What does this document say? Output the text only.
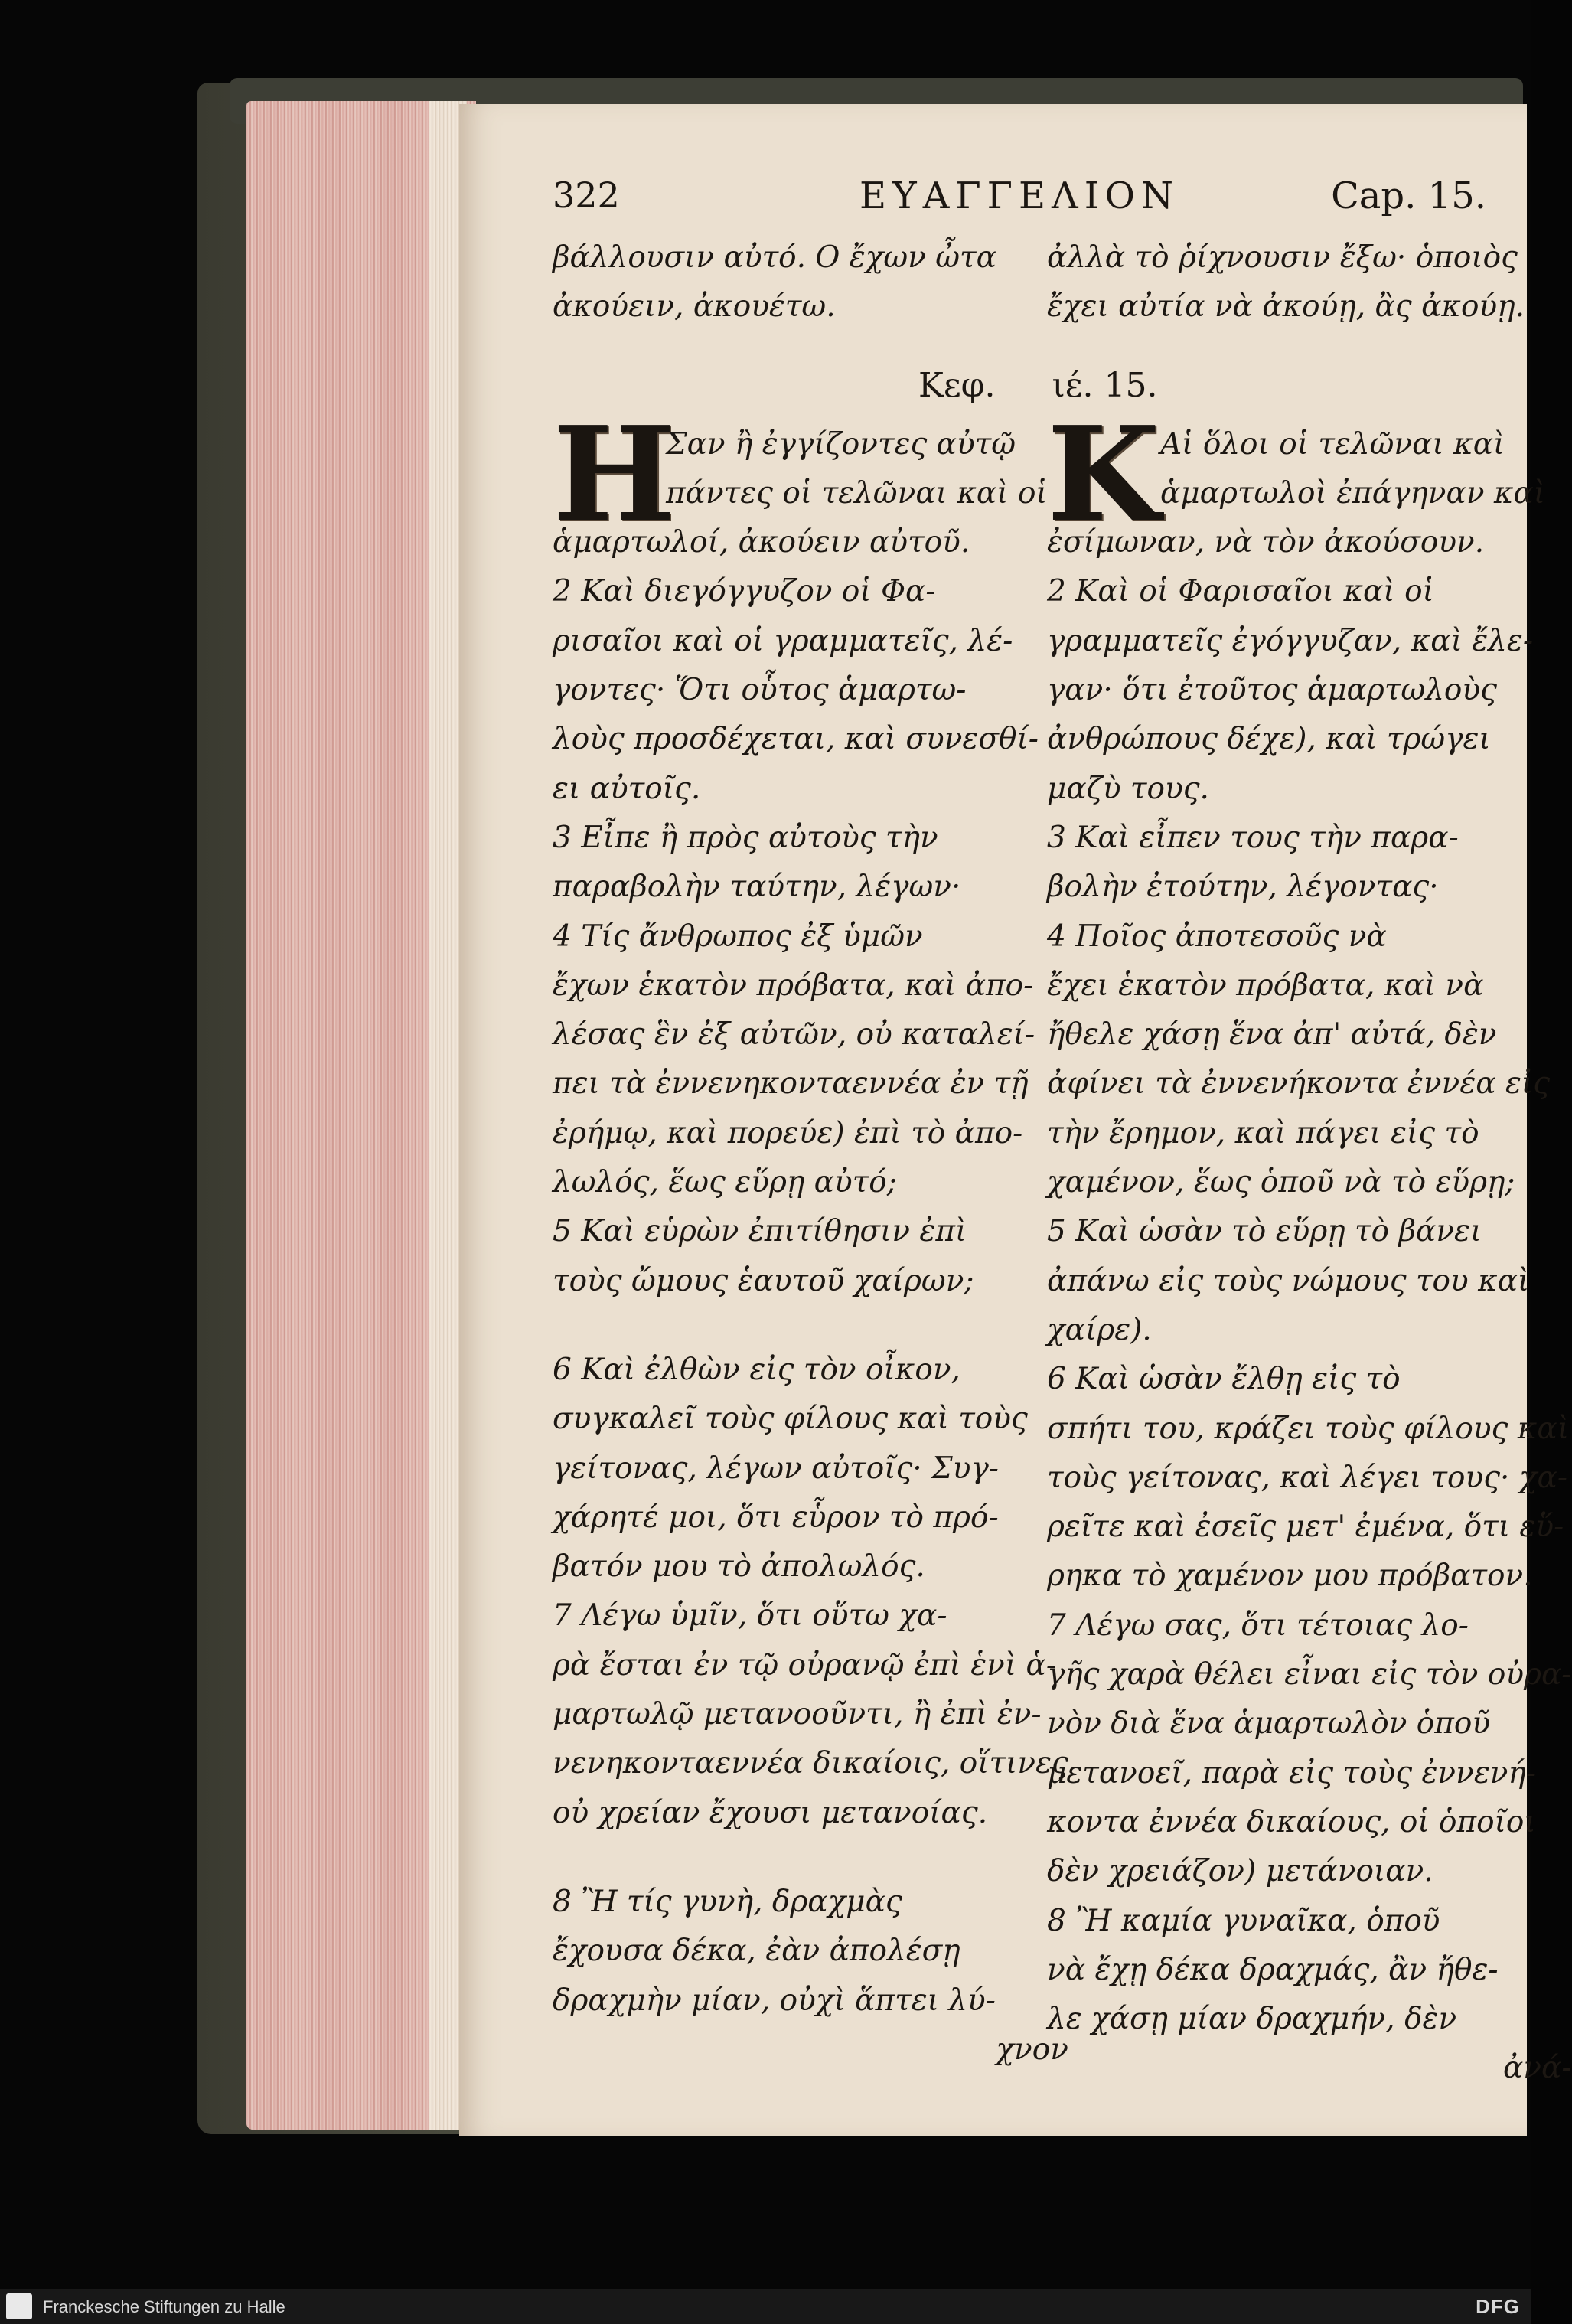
322	ΕΥΑΓΓΕΛΙΟΝ	Cap. 15.
Κεφ. ιέ. 15.
Η	Κ

βάλλουσιν αὐτό. Ο ἔχων ὦτα

ἀκούειν, ἀκουέτω.

Σαν ἢ ἐγγίζοντες αὐτῷ

πάντες οἱ τελῶναι καὶ οἱ

ἁμαρτωλοί, ἀκούειν αὐτοῦ.

2 Καὶ διεγόγγυζον οἱ Φα-

ρισαῖοι καὶ οἱ γραμματεῖς, λέ-

γοντες· Ὅτι οὗτος ἁμαρτω-

λοὺς προσδέχεται, καὶ συνεσθί-

ει αὐτοῖς.

3 Εἶπε ἢ πρὸς αὐτοὺς τὴν

παραβολὴν ταύτην, λέγων·

4 Τίς ἄνθρωπος ἐξ ὑμῶν

ἔχων ἑκατὸν πρόβατα, καὶ ἀπο-

λέσας ἓν ἐξ αὐτῶν, οὐ καταλεί-

πει τὰ ἐννενηκονταεννέα ἐν τῇ

ἐρήμῳ, καὶ πορεύε) ἐπὶ τὸ ἀπο-

λωλός, ἕως εὕρῃ αὐτό;

5 Καὶ εὑρὼν ἐπιτίθησιν ἐπὶ

τοὺς ὤμους ἑαυτοῦ χαίρων;

6 Καὶ ἐλθὼν εἰς τὸν οἶκον,

συγκαλεῖ τοὺς φίλους καὶ τοὺς

γείτονας, λέγων αὐτοῖς· Συγ-

χάρητέ μοι, ὅτι εὗρον τὸ πρό-

βατόν μου τὸ ἀπολωλός.

7 Λέγω ὑμῖν, ὅτι οὕτω χα-

ρὰ ἔσται ἐν τῷ οὐρανῷ ἐπὶ ἑνὶ ἁ-

μαρτωλῷ μετανοοῦντι, ἢ ἐπὶ ἐν-

νενηκονταεννέα δικαίοις, οἵτινες

οὐ χρείαν ἔχουσι μετανοίας.

8 Ἢ τίς γυνὴ, δραχμὰς

ἔχουσα δέκα, ἐὰν ἀπολέσῃ

δραχμὴν μίαν, οὐχὶ ἅπτει λύ-

χνον

ἀλλὰ τὸ ῥίχνουσιν ἔξω· ὁποιὸς

ἔχει αὐτία νὰ ἀκούῃ, ἂς ἀκούῃ.

Αἱ ὅλοι οἱ τελῶναι καὶ

ἁμαρτωλοὶ ἐπάγηναν καὶ

ἐσίμωναν, νὰ τὸν ἀκούσουν.

2 Καὶ οἱ Φαρισαῖοι καὶ οἱ

γραμματεῖς ἐγόγγυζαν, καὶ ἔλε-

γαν· ὅτι ἐτοῦτος ἁμαρτωλοὺς

ἀνθρώπους δέχε), καὶ τρώγει

μαζὺ τους.

3 Καὶ εἶπεν τους τὴν παρα-

βολὴν ἐτούτην, λέγοντας·

4 Ποῖος ἀποτεσοῦς νὰ

ἔχει ἑκατὸν πρόβατα, καὶ νὰ

ἤθελε χάσῃ ἕνα ἀπ' αὐτά, δὲν

ἀφίνει τὰ ἐννενήκοντα ἐννέα εἰς

τὴν ἔρημον, καὶ πάγει εἰς τὸ

χαμένον, ἕως ὁποῦ νὰ τὸ εὕρῃ;

5 Καὶ ὡσὰν τὸ εὕρῃ τὸ βάνει

ἀπάνω εἰς τοὺς νώμους του καὶ

χαίρε).

6 Καὶ ὡσὰν ἔλθῃ εἰς τὸ

σπήτι του, κράζει τοὺς φίλους καὶ

τοὺς γείτονας, καὶ λέγει τους· χα-

ρεῖτε καὶ ἐσεῖς μετ' ἐμένα, ὅτι εὕ-

ρηκα τὸ χαμένον μου πρόβατον.

7 Λέγω σας, ὅτι τέτοιας λο-

γῆς χαρὰ θέλει εἶναι εἰς τὸν οὐρα-

νὸν διὰ ἕνα ἁμαρτωλὸν ὁποῦ

μετανοεῖ, παρὰ εἰς τοὺς ἐννενή-

κοντα ἐννέα δικαίους, οἱ ὁποῖοι

δὲν χρειάζον) μετάνοιαν.

8 Ἢ καμία γυναῖκα, ὁποῦ

νὰ ἔχῃ δέκα δραχμάς, ἂν ἤθε-

λε χάσῃ μίαν δραχμήν, δὲν

ἀνά-

Franckesche Stiftungen zu Halle	DFG
